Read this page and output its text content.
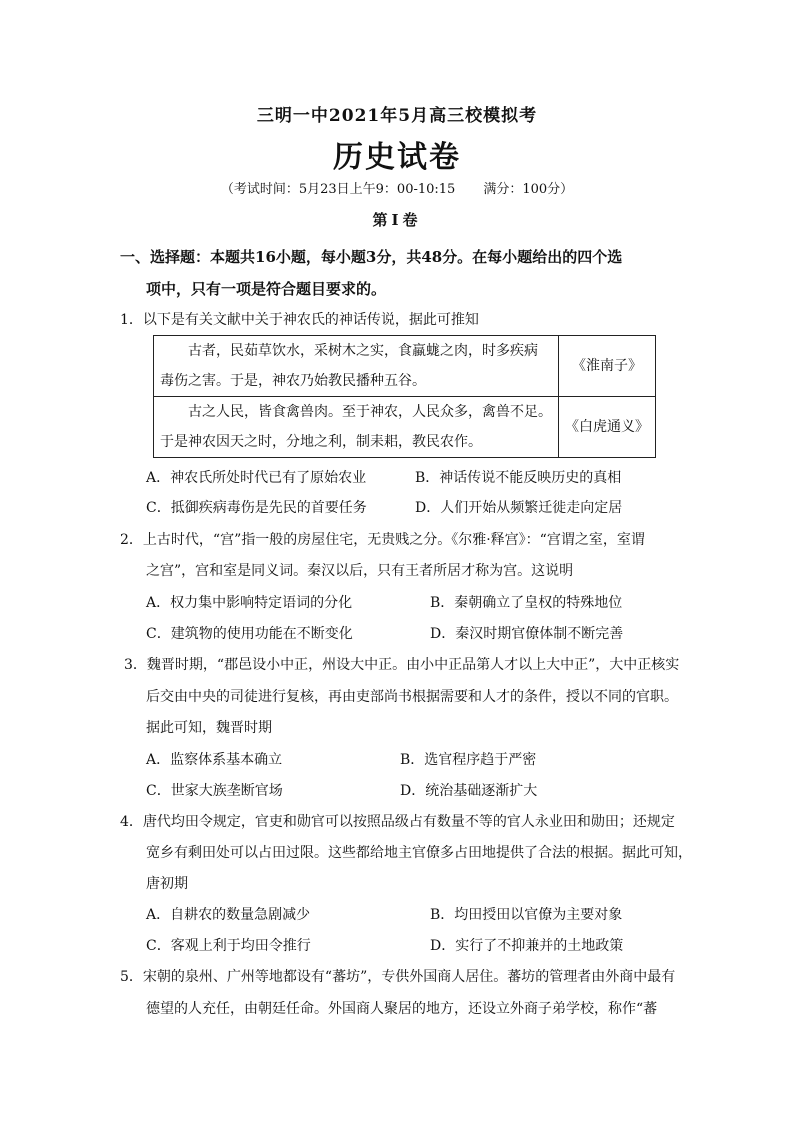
三明一中2021年5月高三校模拟考
历史试卷
（考试时间：5月23日上午9：00-10:15 满分：100分）
第Ⅰ卷
一、选择题：本题共16小题，每小题3分，共48分。在每小题给出的四个选
项中，只有一项是符合题目要求的。
1．以下是有关文献中关于神农氏的神话传说，据此可推知
古者，民茹草饮水，采树木之实，食蠃蛖之肉，时多疾病
毒伤之害。于是，神农乃始教民播种五谷。	《淮南子》

古之人民，皆食禽兽肉。至于神农，人民众多，禽兽不足。
于是神农因天之时，分地之利，制耒耜，教民农作。	《白虎通义》
A．神农氏所处时代已有了原始农业	B．神话传说不能反映历史的真相
C．抵御疾病毒伤是先民的首要任务	D．人们开始从频繁迁徙走向定居
2．上古时代，“宫”指一般的房屋住宅，无贵贱之分。《尔雅·释宫》：“宫谓之室，室谓
之宫”，宫和室是同义词。秦汉以后，只有王者所居才称为宫。这说明
A．权力集中影响特定语词的分化	B．秦朝确立了皇权的特殊地位
C．建筑物的使用功能在不断变化	D．秦汉时期官僚体制不断完善
3．魏晋时期，“郡邑设小中正，州设大中正。由小中正品第人才以上大中正”，大中正核实
后交由中央的司徒进行复核，再由吏部尚书根据需要和人才的条件，授以不同的官职。
据此可知，魏晋时期
A．监察体系基本确立	B．选官程序趋于严密
C．世家大族垄断官场	D．统治基础逐渐扩大
4．唐代均田令规定，官吏和勋官可以按照品级占有数量不等的官人永业田和勋田；还规定
宽乡有剩田处可以占田过限。这些都给地主官僚多占田地提供了合法的根据。据此可知，
唐初期
A．自耕农的数量急剧减少	B．均田授田以官僚为主要对象
C．客观上利于均田令推行	D．实行了不抑兼并的土地政策
5．宋朝的泉州、广州等地都设有“蕃坊”，专供外国商人居住。蕃坊的管理者由外商中最有
德望的人充任，由朝廷任命。外国商人聚居的地方，还设立外商子弟学校，称作“蕃
